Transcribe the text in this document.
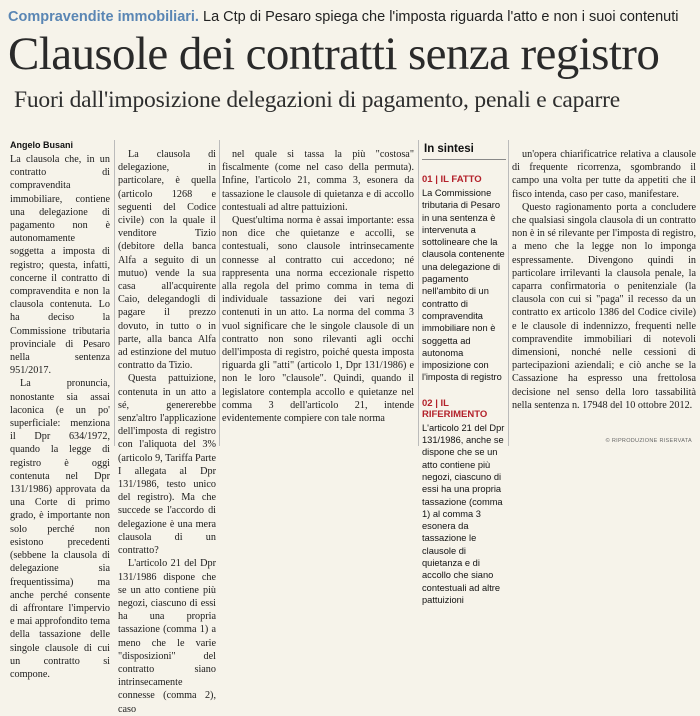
Compravendite immobiliari. La Ctp di Pesaro spiega che l'imposta riguarda l'atto e non i suoi contenuti
Clausole dei contratti senza registro
Fuori dall'imposizione delegazioni di pagamento, penali e caparre
Angelo Busani

La clausola che, in un contratto di compravendita immobiliare, contiene una delegazione di pagamento non è autonomamente soggetta a imposta di registro; questa, infatti, concerne il contratto di compravendita e non la clausola contenuta. Lo ha deciso la Commissione tributaria provinciale di Pesaro nella sentenza 951/2017.

La pronuncia, nonostante sia assai laconica (e un po' superficiale: menziona il Dpr 634/1972, quando la legge di registro è oggi contenuta nel Dpr 131/1986) approvata da una Corte di primo grado, è importante non solo perché non esistono precedenti (sebbene la clausola di delegazione sia frequentissima) ma anche perché consente di affrontare l'impervio e mai approfondito tema della tassazione delle singole clausole di cui un contratto si compone.

La clausola di delegazione, in particolare, è quella (articolo 1268 e seguenti del Codice civile) con la quale il venditore Tizio (debitore della banca Alfa a seguito di un mutuo) vende la sua casa all'acquirente Caio, delegandogli di pagare il prezzo dovuto, in tutto o in parte, alla banca Alfa ad estinzione del mutuo contratto da Tizio.

Questa pattuizione, contenuta in un atto a sé, genererebbe senz'altro l'applicazione dell'imposta di registro con l'aliquota del 3% (articolo 9, Tariffa Parte I allegata al Dpr 131/1986, testo unico del registro). Ma che succede se l'accordo di delegazione è una mera clausola di un contratto?

L'articolo 21 del Dpr 131/1986 dispone che se un atto contiene più negozi, ciascuno di essi ha una propria tassazione (comma 1) a meno che le varie "disposizioni" del contratto siano intrinsecamente connesse (comma 2), caso

nel quale si tassa la più "costosa" fiscalmente (come nel caso della permuta). Infine, l'articolo 21, comma 3, esonera da tassazione le clausole di quietanza e di accollo contestuali ad altre pattuizioni.

Quest'ultima norma è assai importante: essa non dice che quietanze e accolli, se contestuali, sono clausole intrinsecamente connesse al contratto cui accedono; né rappresenta una norma eccezionale rispetto alla regola del primo comma in tema di individuale tassazione dei vari negozi contenuti in un atto. La norma del comma 3 vuol significare che le singole clausole di un contratto non sono rilevanti agli occhi dell'imposta di registro, poiché questa imposta riguarda gli "atti" (articolo 1, Dpr 131/1986) e non le loro "clausole". Quindi, quando il legislatore contempla accollo e quietanze nel comma 3 dell'articolo 21, intende evidentemente compiere con tale norma

In sintesi
01 | IL FATTO
La Commissione tributaria di Pesaro in una sentenza è intervenuta a sottolineare che la clausola contenente una delegazione di pagamento nell'ambito di un contratto di compravendita immobiliare non è soggetta ad autonoma imposizione con l'imposta di registro
02 | IL RIFERIMENTO
L'articolo 21 del Dpr 131/1986, anche se dispone che se un atto contiene più negozi, ciascuno di essi ha una propria tassazione (comma 1) al comma 3 esonera da tassazione le clausole di quietanza e di accollo che siano contestuali ad altre pattuizioni

un'opera chiarificatrice relativa a clausole di frequente ricorrenza, sgombrando il campo una volta per tutte da appetiti che il fisco intenda, caso per caso, manifestare.

Questo ragionamento porta a concludere che qualsiasi singola clausola di un contratto non è in sé rilevante per l'imposta di registro, a meno che la legge non lo imponga espressamente. Divengono quindi in particolare irrilevanti la clausola penale, la caparra confirmatoria o penitenziale (la clausola con cui si "paga" il recesso da un contratto ex articolo 1386 del Codice civile) e le clausole di indennizzo, frequenti nelle compravendite immobiliari di notevoli dimensioni, nonché nelle cessioni di partecipazioni aziendali; e ciò anche se la Cassazione ha espresso una frettolosa decisione nel senso della loro tassabilità nella sentenza n. 17948 del 10 ottobre 2012.

© RIPRODUZIONE RISERVATA
